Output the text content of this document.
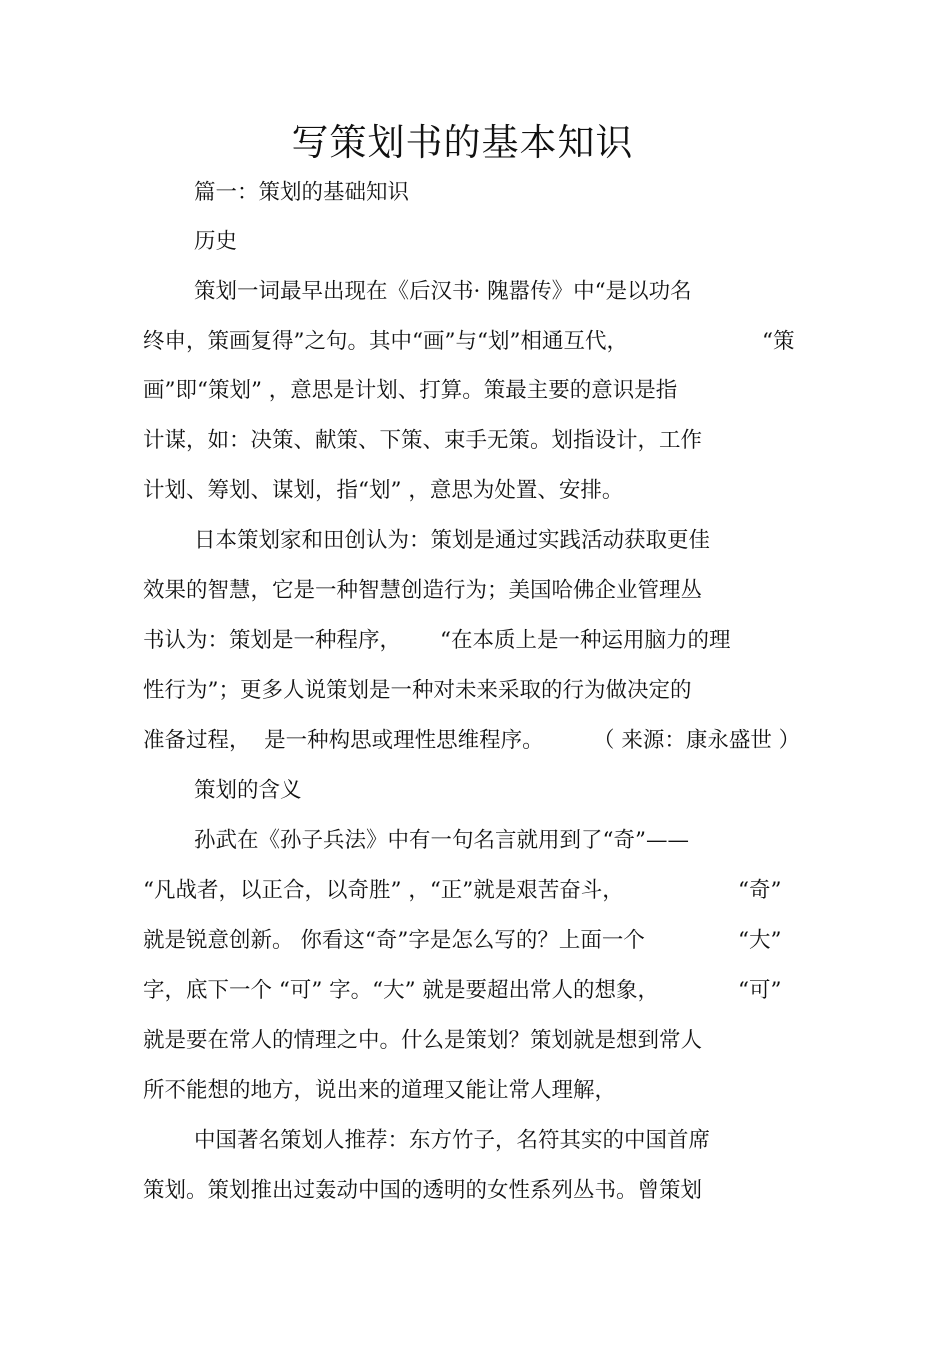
写策划书的基本知识
篇一：策划的基础知识
历史
策划一词最早出现在《后汉书· 隗嚣传》中“是以功名
终申，策画复得”之句。其中“画”与“划”相通互代，	“策
画”即“策划” ，意思是计划、打算。策最主要的意识是指
计谋，如：决策、献策、下策、束手无策。划指设计，工作
计划、筹划、谋划，指“划” ，意思为处置、安排。
日本策划家和田创认为：策划是通过实践活动获取更佳
效果的智慧，它是一种智慧创造行为；美国哈佛企业管理丛
书认为：策划是一种程序， “在本质上是一种运用脑力的理
性行为”；更多人说策划是一种对未来采取的行为做决定的
准备过程，  是一种构思或理性思维程序。 （ 来源：康永盛世 ）
策划的含义
孙武在《孙子兵法》中有一句名言就用到了“奇”——
“凡战者，以正合，以奇胜” ，“正”就是艰苦奋斗，	“奇”
就是锐意创新。 你看这“奇”字是怎么写的？上面一个	“大”
字，底下一个 “可” 字。“大” 就是要超出常人的想象，	“可”
就是要在常人的情理之中。什么是策划？策划就是想到常人
所不能想的地方，说出来的道理又能让常人理解，
中国著名策划人推荐：东方竹子，名符其实的中国首席
策划。策划推出过轰动中国的透明的女性系列丛书。曾策划
